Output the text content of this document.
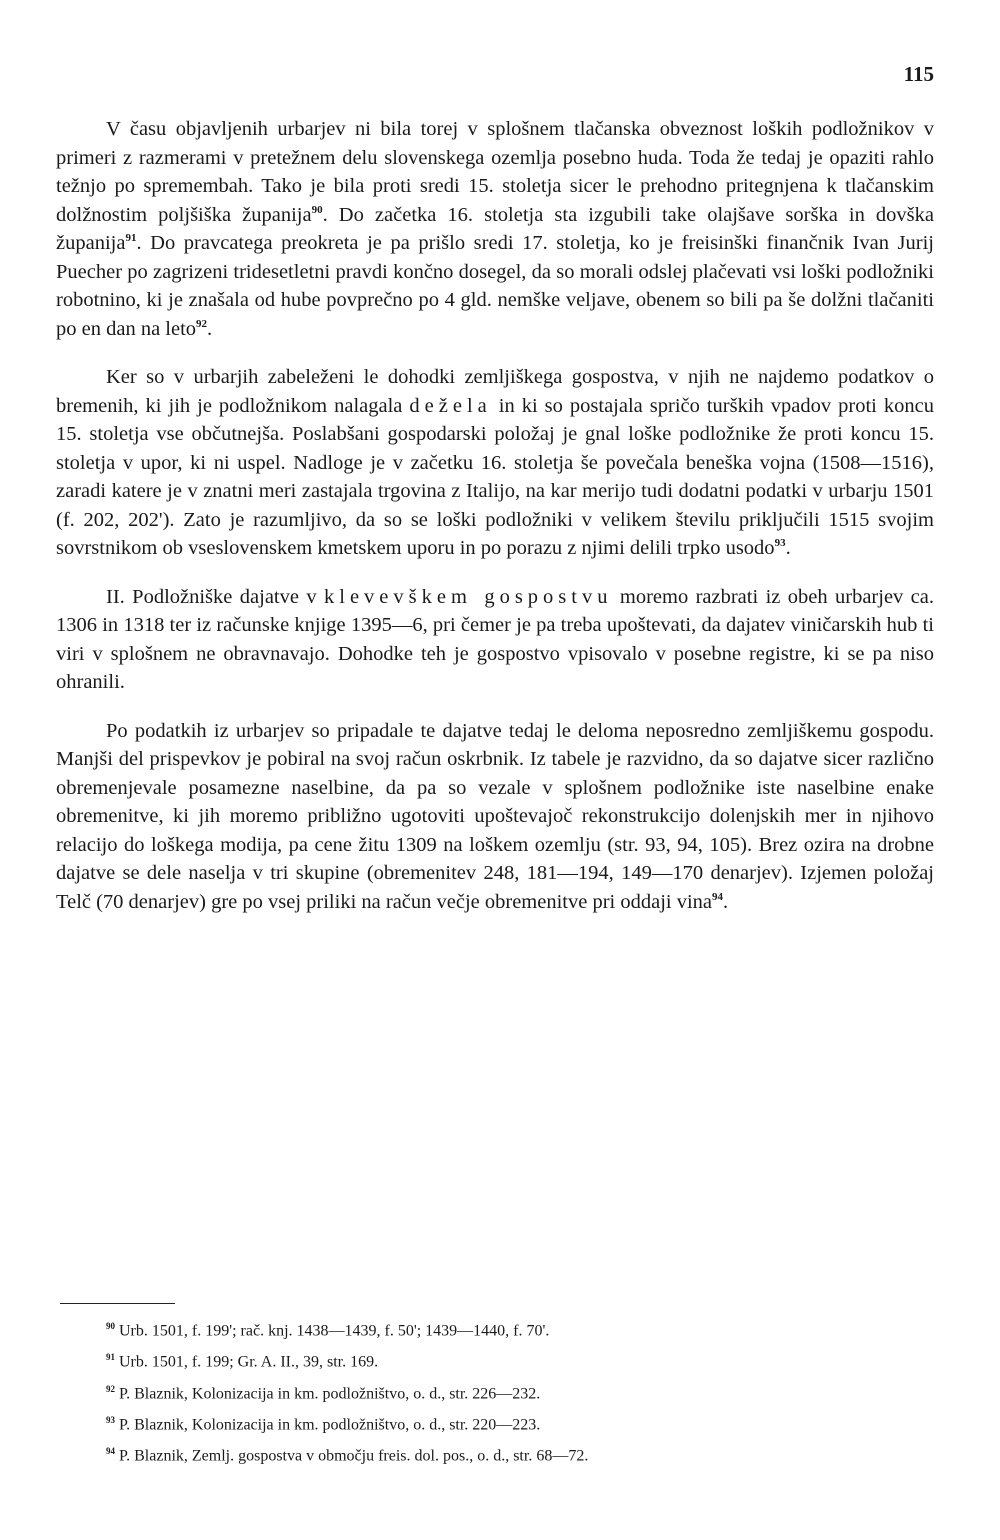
115

V času objavljenih urbarjev ni bila torej v splošnem tlačanska obveznost loških podložnikov v primeri z razmerami v pretežnem delu slovenskega ozemlja posebno huda. Toda že tedaj je opaziti rahlo težnjo po spremembah. Tako je bila proti sredi 15. stoletja sicer le prehodno pritegnjena k tlačanskim dolžnostim poljšiška županija$^{90}$. Do začetka 16. stoletja sta izgubili take olajšave sorška in dovška županija$^{91}$. Do pravcatega preokreta je pa prišlo sredi 17. stoletja, ko je freisinški finančnik Ivan Jurij Puecher po zagrizeni tridesetletni pravdi končno dosegel, da so morali odslej plačevati vsi loški podložniki robotnino, ki je znašala od hube povprečno po 4 gld. nemške veljave, obenem so bili pa še dolžni tlačaniti po en dan na leto$^{92}$.

Ker so v urbarjih zabeleženi le dohodki zemljiškega gospostva, v njih ne najdemo podatkov o bremenih, ki jih je podložnikom nalagala dežela in ki so postajala spričo turških vpadov proti koncu 15. stoletja vse občutnejša. Poslabšani gospodarski položaj je gnal loške podložnike že proti koncu 15. stoletja v upor, ki ni uspel. Nadloge je v začetku 16. stoletja še povečala beneška vojna (1508—1516), zaradi katere je v znatni meri zastajala trgovina z Italijo, na kar merijo tudi dodatni podatki v urbarju 1501 (f. 202, 202'). Zato je razumljivo, da so se loški podložniki v velikem številu priključili 1515 svojim sovrstnikom ob vseslovenskem kmetskem uporu in po porazu z njimi delili trpko usodo$^{93}$.

II. Podložniške dajatve v klevevškem gospostvu moremo razbrati iz obeh urbarjev ca. 1306 in 1318 ter iz računske knjige 1395—6, pri čemer je pa treba upoštevati, da dajatev viničarskih hub ti viri v splošnem ne obravnavajo. Dohodke teh je gospostvo vpisovalo v posebne registre, ki se pa niso ohranili.

Po podatkih iz urbarjev so pripadale te dajatve tedaj le deloma neposredno zemljiškemu gospodu. Manjši del prispevkov je pobiral na svoj račun oskrbnik. Iz tabele je razvidno, da so dajatve sicer različno obremenjevale posamezne naselbine, da pa so vezale v splošnem podložnike iste naselbine enake obremenitve, ki jih moremo približno ugotoviti upoštevajoč rekonstrukcijo dolenjskih mer in njihovo relacijo do loškega modija, pa cene žitu 1309 na loškem ozemlju (str. 93, 94, 105). Brez ozira na drobne dajatve se dele naselja v tri skupine (obremenitev 248, 181—194, 149—170 denarjev). Izjemen položaj Telč (70 denarjev) gre po vsej priliki na račun večje obremenitve pri oddaji vina$^{94}$.

$^{90}$ Urb. 1501, f. 199'; rač. knj. 1438—1439, f. 50'; 1439—1440, f. 70'.
$^{91}$ Urb. 1501, f. 199; Gr. A. II., 39, str. 169.
$^{92}$ P. Blaznik, Kolonizacija in km. podložništvo, o. d., str. 226—232.
$^{93}$ P. Blaznik, Kolonizacija in km. podložništvo, o. d., str. 220—223.
$^{94}$ P. Blaznik, Zemlj. gospostva v območju freis. dol. pos., o. d., str. 68—72.
